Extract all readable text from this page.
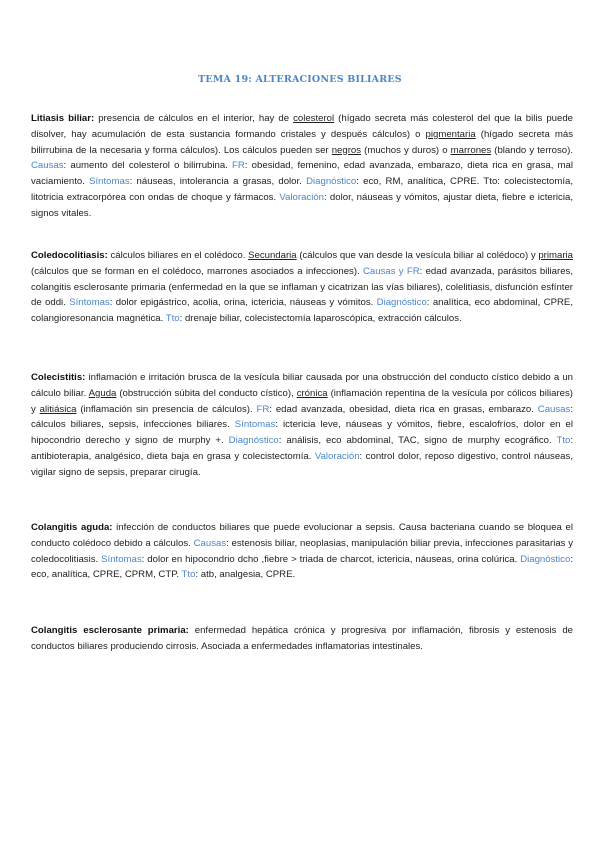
TEMA 19: ALTERACIONES BILIARES
Litiasis biliar: presencia de cálculos en el interior, hay de colesterol (hígado secreta más colesterol del que la bilis puede disolver, hay acumulación de esta sustancia formando cristales y después cálculos) o pigmentaria (hígado secreta más bilirrubina de la necesaria y forma cálculos). Los cálculos pueden ser negros (muchos y duros) o marrones (blando y terroso). Causas: aumento del colesterol o bilirrubina. FR: obesidad, femenino, edad avanzada, embarazo, dieta rica en grasa, mal vaciamiento. Síntomas: náuseas, intolerancia a grasas, dolor. Diagnóstico: eco, RM, analítica, CPRE. Tto: colecistectomía, litotricia extracorpórea con ondas de choque y fármacos. Valoración: dolor, náuseas y vómitos, ajustar dieta, fiebre e ictericia, signos vitales.
Coledocolitiasis: cálculos biliares en el colédoco. Secundaria (cálculos que van desde la vesícula biliar al colédoco) y primaria (cálculos que se forman en el colédoco, marrones asociados a infecciones). Causas y FR: edad avanzada, parásitos biliares, colangitis esclerosante primaria (enfermedad en la que se inflaman y cicatrizan las vías biliares), colelitiasis, disfunción esfínter de oddi. Síntomas: dolor epigástrico, acolia, orina, ictericia, náuseas y vómitos. Diagnóstico: analítica, eco abdominal, CPRE, colangioresonancia magnética. Tto: drenaje biliar, colecistectomía laparoscópica, extracción cálculos.
Colecistitis: inflamación e irritación brusca de la vesícula biliar causada por una obstrucción del conducto cístico debido a un cálculo biliar. Aguda (obstrucción súbita del conducto cístico), crónica (inflamación repentina de la vesícula por cólicos biliares) y alitiásica (inflamación sin presencia de cálculos). FR: edad avanzada, obesidad, dieta rica en grasas, embarazo. Causas: cálculos biliares, sepsis, infecciones biliares. Síntomas: ictericia leve, náuseas y vómitos, fiebre, escalofríos, dolor en el hipocondrio derecho y signo de murphy +. Diagnóstico: análisis, eco abdominal, TAC, signo de murphy ecográfico. Tto: antibioterapia, analgésico, dieta baja en grasa y colecistectomía. Valoración: control dolor, reposo digestivo, control náuseas, vigilar signo de sepsis, preparar cirugía.
Colangitis aguda: infección de conductos biliares que puede evolucionar a sepsis. Causa bacteriana cuando se bloquea el conducto colédoco debido a cálculos. Causas: estenosis biliar, neoplasias, manipulación biliar previa, infecciones parasitarias y coledocolitiasis. Síntomas: dolor en hipocondrio dcho ,fiebre > triada de charcot, ictericia, náuseas, orina colúrica. Diagnóstico: eco, analítica, CPRE, CPRM, CTP. Tto: atb, analgesia, CPRE.
Colangitis esclerosante primaria: enfermedad hepática crónica y progresiva por inflamación, fibrosis y estenosis de conductos biliares produciendo cirrosis. Asociada a enfermedades inflamatorias intestinales.
